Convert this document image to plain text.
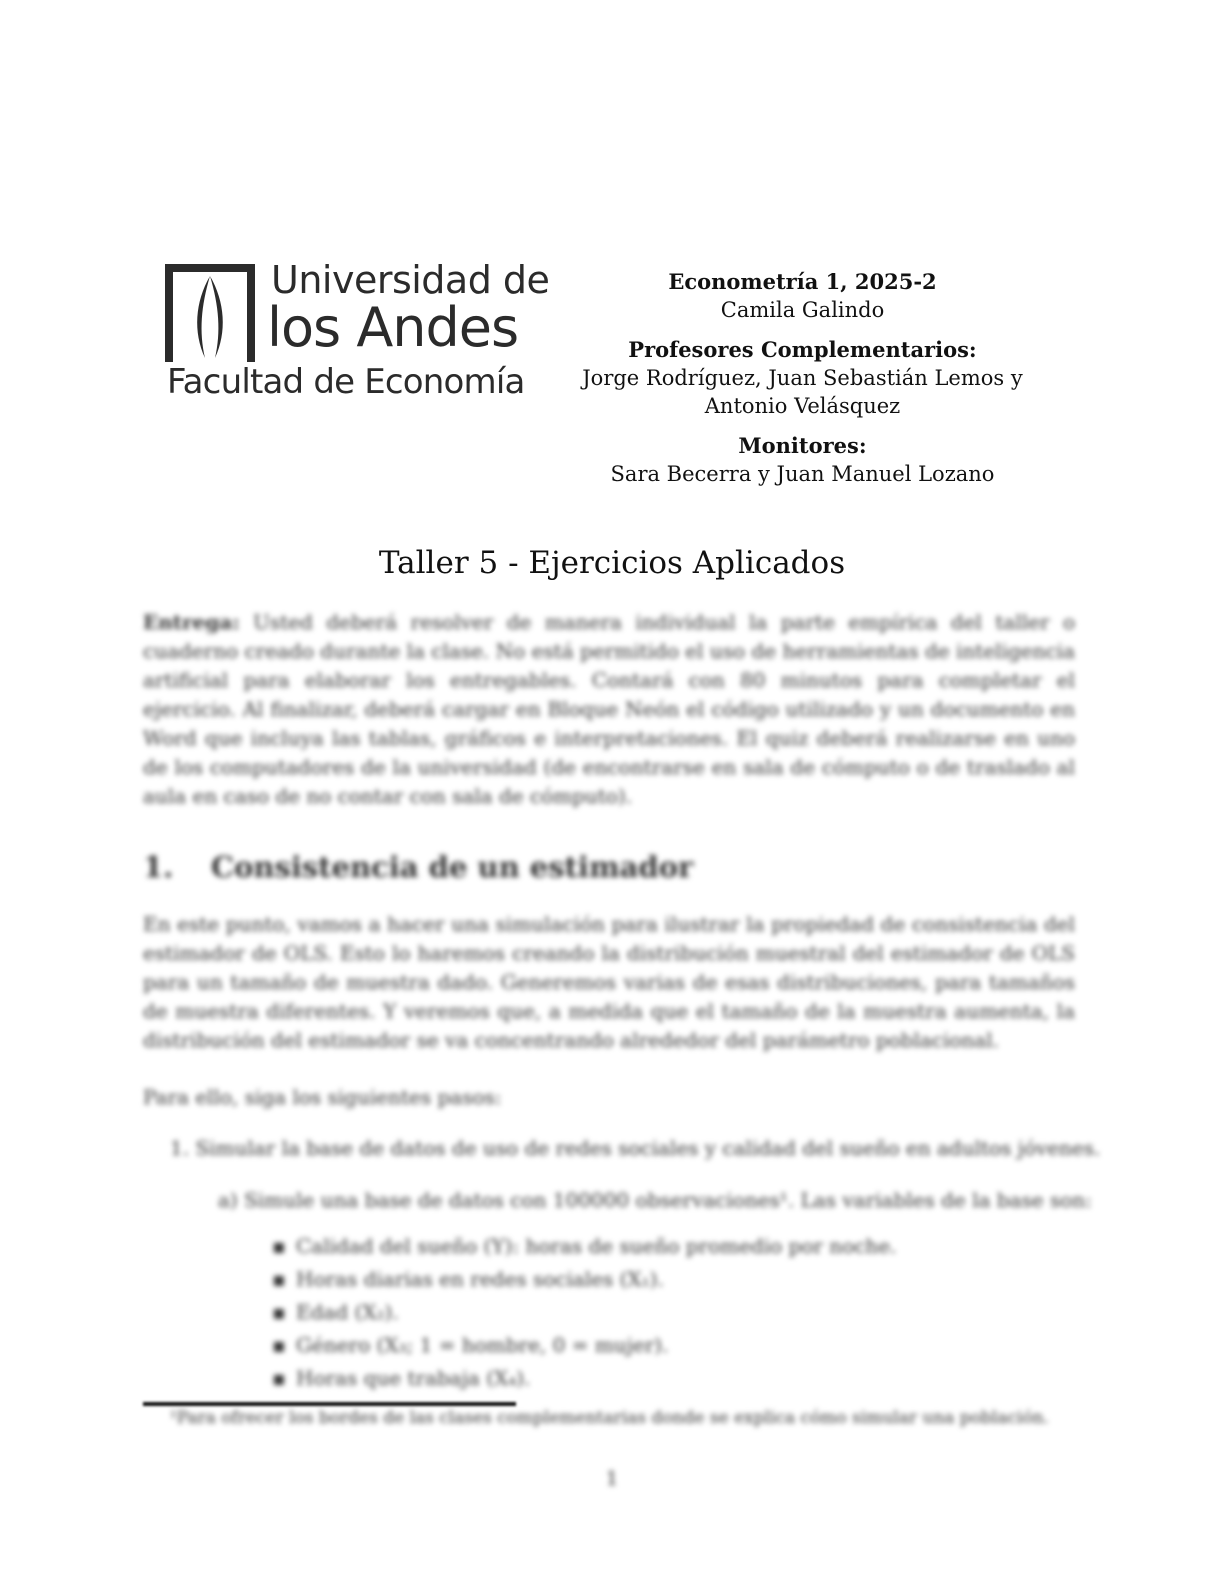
Universidad de
los Andes
Facultad de Economía
Econometría 1, 2025-2
Camila Galindo
Profesores Complementarios:
Jorge Rodríguez, Juan Sebastián Lemos y
Antonio Velásquez
Monitores:
Sara Becerra y Juan Manuel Lozano
Taller 5 - Ejercicios Aplicados
Entrega: Usted deberá resolver de manera individual la parte empírica del taller o cuaderno creado durante la clase. No está permitido el uso de herramientas de inteligencia artificial para elaborar los entregables. Contará con 80 minutos para completar el ejercicio. Al finalizar, deberá cargar en Bloque Neón el código utilizado y un documento en Word que incluya las tablas, gráficos e interpretaciones. El quiz deberá realizarse en uno de los computadores de la universidad (de encontrarse en sala de cómputo o de traslado al aula en caso de no contar con sala de cómputo).
1. Consistencia de un estimador
En este punto, vamos a hacer una simulación para ilustrar la propiedad de consistencia del estimador de OLS. Esto lo haremos creando la distribución muestral del estimador de OLS para un tamaño de muestra dado. Generemos varias de esas distribuciones, para tamaños de muestra diferentes. Y veremos que, a medida que el tamaño de la muestra aumenta, la distribución del estimador se va concentrando alrededor del parámetro poblacional.
Para ello, siga los siguientes pasos:
1. Simular la base de datos de uso de redes sociales y calidad del sueño en adultos jóvenes.
a) Simule una base de datos con 100000 observaciones¹. Las variables de la base son:
▪ Calidad del sueño (Y): horas de sueño promedio por noche.
▪ Horas diarias en redes sociales (X₁).
▪ Edad (X₂).
▪ Género (X₃; 1 = hombre, 0 = mujer).
▪ Horas que trabaja (X₄).
¹Para ofrecer los bordes de las clases complementarias donde se explica cómo simular una población.
1
